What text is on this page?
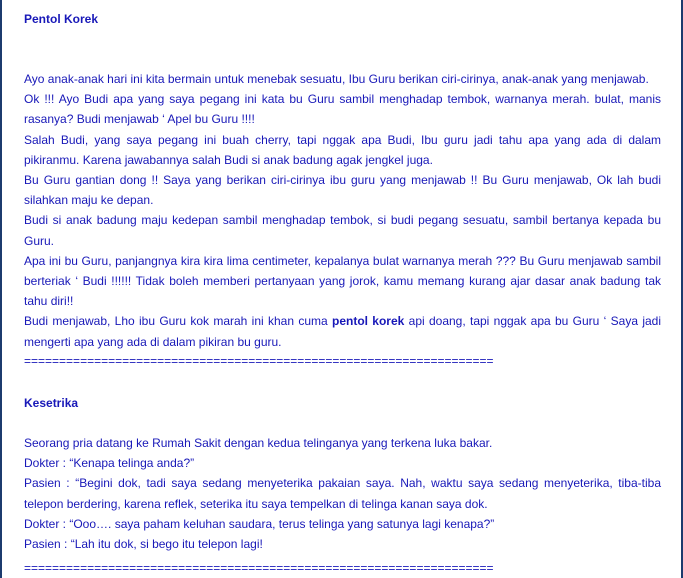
Pentol Korek

Ayo anak-anak hari ini kita bermain untuk menebak sesuatu, Ibu Guru berikan ciri-cirinya, anak-anak yang menjawab.

Ok !!! Ayo Budi apa yang saya pegang ini kata bu Guru sambil menghadap tembok, warnanya merah. bulat, manis rasanya? Budi menjawab ‘ Apel bu Guru !!!!

Salah Budi, yang saya pegang ini buah cherry, tapi nggak apa Budi, Ibu guru jadi tahu apa yang ada di dalam pikiranmu. Karena jawabannya salah Budi si anak badung agak jengkel juga.

Bu Guru gantian dong !! Saya yang berikan ciri-cirinya ibu guru yang menjawab !! Bu Guru menjawab, Ok lah budi silahkan maju ke depan.

Budi si anak badung maju kedepan sambil menghadap tembok, si budi pegang sesuatu, sambil bertanya kepada bu Guru.

Apa ini bu Guru, panjangnya kira kira lima centimeter, kepalanya bulat warnanya merah ??? Bu Guru menjawab sambil berteriak ‘ Budi !!!!!! Tidak boleh memberi pertanyaan yang jorok, kamu memang kurang ajar dasar anak badung tak tahu diri!!

Budi menjawab, Lho ibu Guru kok marah ini khan cuma pentol korek api doang, tapi nggak apa bu Guru ‘ Saya jadi mengerti apa yang ada di dalam pikiran bu guru.

===================================================================
Kesetrika

Seorang pria datang ke Rumah Sakit dengan kedua telinganya yang terkena luka bakar.

Dokter : “Kenapa telinga anda?”

Pasien : “Begini dok, tadi saya sedang menyeterika pakaian saya. Nah, waktu saya sedang menyeterika, tiba-tiba telepon berdering, karena reflek, seterika itu saya tempelkan di telinga kanan saya dok.

Dokter : “Ooo…. saya paham keluhan saudara, terus telinga yang satunya lagi kenapa?”

Pasien : “Lah itu dok, si bego itu telepon lagi!

===================================================================
